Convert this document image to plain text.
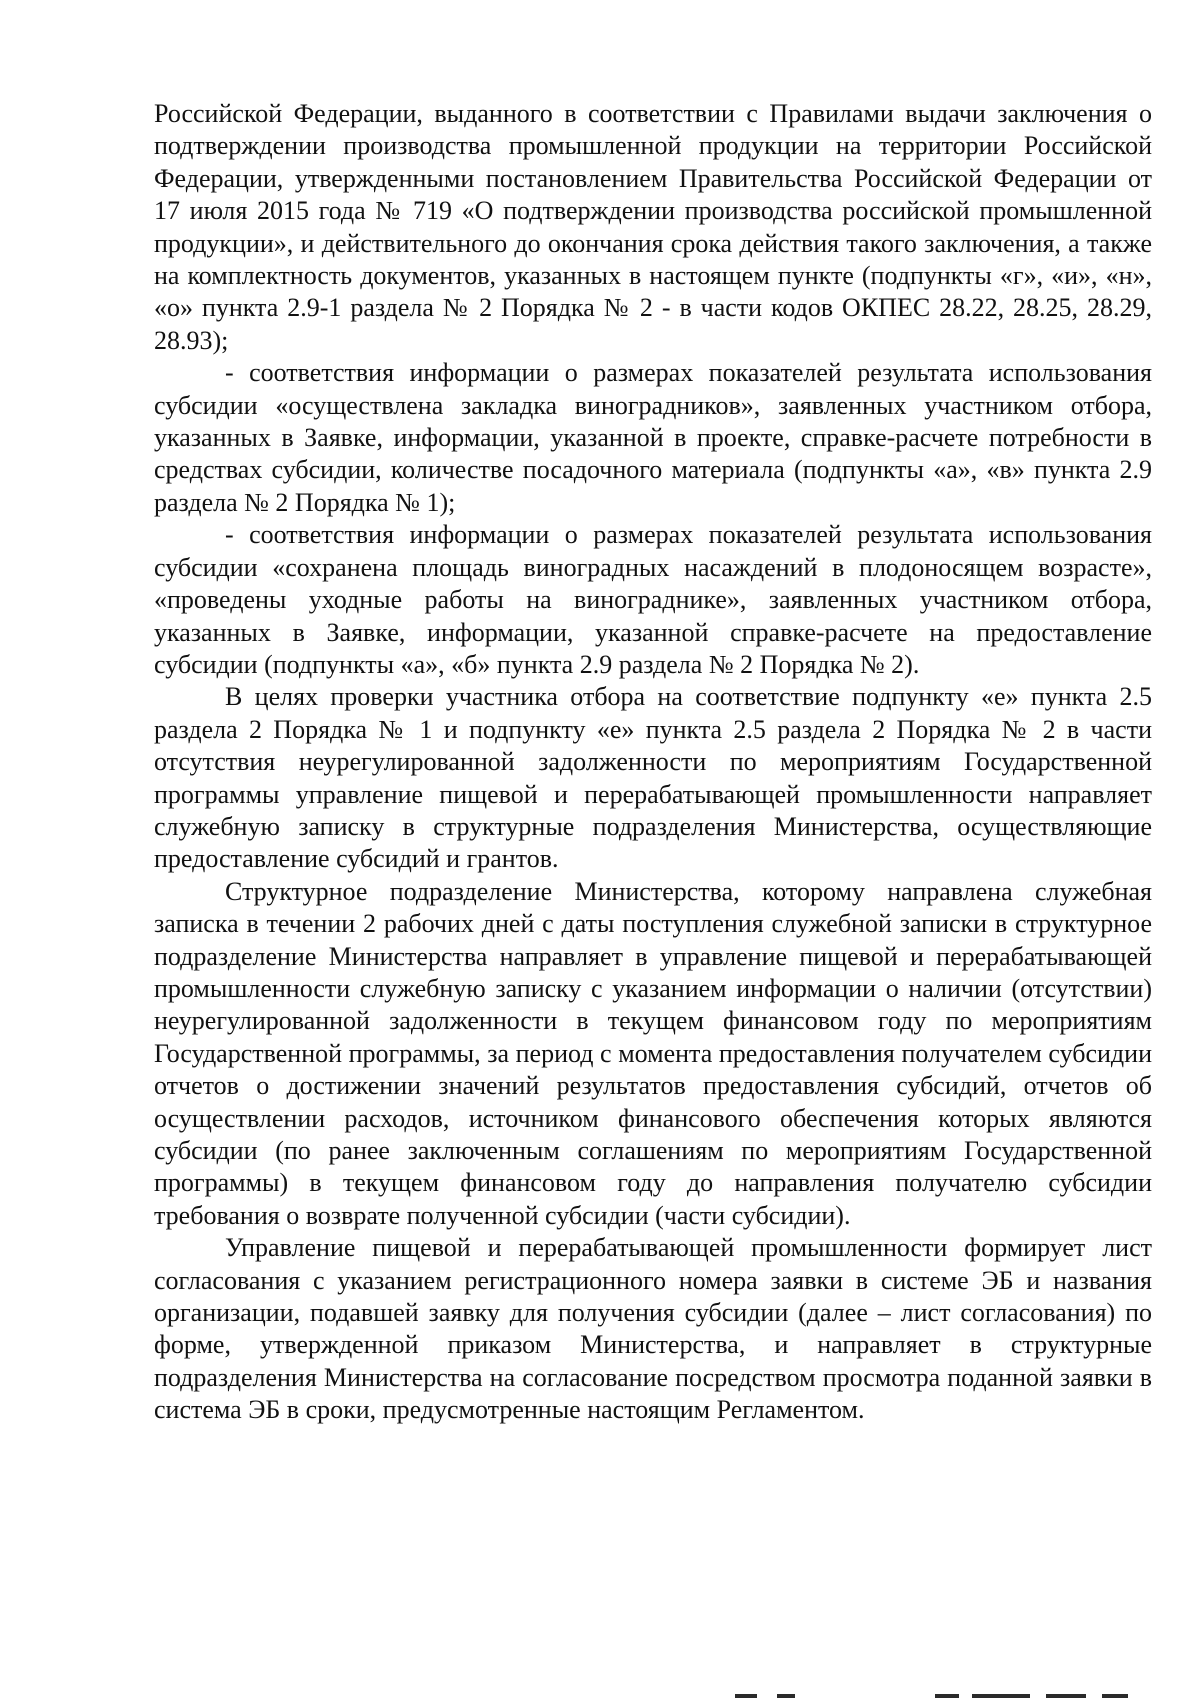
Российской Федерации, выданного в соответствии с Правилами выдачи заключения о подтверждении производства промышленной продукции на территории Российской Федерации, утвержденными постановлением Правительства Российской Федерации от 17 июля 2015 года № 719 «О подтверждении производства российской промышленной продукции», и действительного до окончания срока действия такого заключения, а также на комплектность документов, указанных в настоящем пункте (подпункты «г», «и», «н», «о» пункта 2.9-1 раздела № 2 Порядка № 2 - в части кодов ОКПЕС 28.22, 28.25, 28.29, 28.93);

- соответствия информации о размерах показателей результата использования субсидии «осуществлена закладка виноградников», заявленных участником отбора, указанных в Заявке, информации, указанной в проекте, справке-расчете потребности в средствах субсидии, количестве посадочного материала (подпункты «а», «в» пункта 2.9 раздела № 2 Порядка № 1);

- соответствия информации о размерах показателей результата использования субсидии «сохранена площадь виноградных насаждений в плодоносящем возрасте», «проведены уходные работы на винограднике», заявленных участником отбора, указанных в Заявке, информации, указанной справке-расчете на предоставление субсидии (подпункты «а», «б» пункта 2.9 раздела № 2 Порядка № 2).

В целях проверки участника отбора на соответствие подпункту «е» пункта 2.5 раздела 2 Порядка № 1 и подпункту «е» пункта 2.5 раздела 2 Порядка № 2 в части отсутствия неурегулированной задолженности по мероприятиям Государственной программы управление пищевой и перерабатывающей промышленности направляет служебную записку в структурные подразделения Министерства, осуществляющие предоставление субсидий и грантов.

Структурное подразделение Министерства, которому направлена служебная записка в течении 2 рабочих дней с даты поступления служебной записки в структурное подразделение Министерства направляет в управление пищевой и перерабатывающей промышленности служебную записку с указанием информации о наличии (отсутствии) неурегулированной задолженности в текущем финансовом году по мероприятиям Государственной программы, за период с момента предоставления получателем субсидии отчетов о достижении значений результатов предоставления субсидий, отчетов об осуществлении расходов, источником финансового обеспечения которых являются субсидии (по ранее заключенным соглашениям по мероприятиям Государственной программы) в текущем финансовом году до направления получателю субсидии требования о возврате полученной субсидии (части субсидии).

Управление пищевой и перерабатывающей промышленности формирует лист согласования с указанием регистрационного номера заявки в системе ЭБ и названия организации, подавшей заявку для получения субсидии (далее – лист согласования) по форме, утвержденной приказом Министерства, и направляет в структурные подразделения Министерства на согласование посредством просмотра поданной заявки в система ЭБ в сроки, предусмотренные настоящим Регламентом.
